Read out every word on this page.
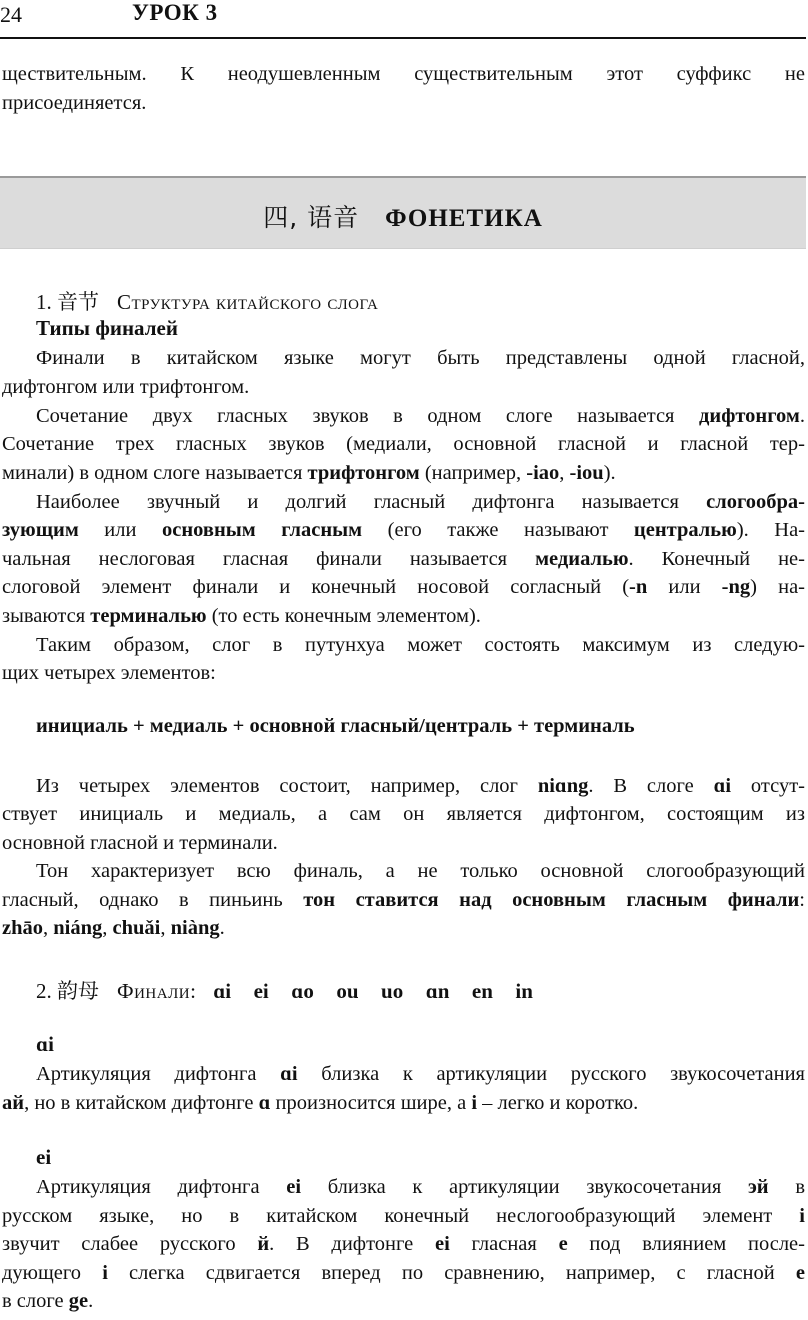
24	УРОК 3
ществительным. К неодушевленным существительным этот суффикс не
присоединяется.
四, 语音 ФОНЕТИКА
1. 音节 Структура китайского слога
Типы финалей
Финали в китайском языке могут быть представлены одной гласной,
дифтонгом или трифтонгом.
Сочетание двух гласных звуков в одном слоге называется дифтонгом.
Сочетание трех гласных звуков (медиали, основной гласной и гласной тер-
минали) в одном слоге называется трифтонгом (например, -iao, -iou).
Наиболее звучный и долгий гласный дифтонга называется слогообра-
зующим или основным гласным (его также называют централью). На-
чальная неслоговая гласная финали называется медиалью. Конечный не-
слоговой элемент финали и конечный носовой согласный (-n или -ng) на-
зываются терминалью (то есть конечным элементом).
Таким образом, слог в путунхуа может состоять максимум из следую-
щих четырех элементов:
инициаль + медиаль + основной гласный/централь + терминаль
Из четырех элементов состоит, например, слог niɑng. В слоге ɑi отсут-
ствует инициаль и медиаль, а сам он является дифтонгом, состоящим из
основной гласной и терминали.
Тон характеризует всю финаль, а не только основной слогообразующий
гласный, однако в пиньинь тон ставится над основным гласным финали:
zhāo, niáng, chuǎi, niàng.
2. 韵母 Финали: ɑi  ei  ɑo  ou  uo  ɑn  en  in
ɑi
Артикуляция дифтонга ɑi близка к артикуляции русского звукосочетания
ай, но в китайском дифтонге ɑ произносится шире, а i – легко и коротко.
ei
Артикуляция дифтонга ei близка к артикуляции звукосочетания эй в
русском языке, но в китайском конечный неслогообразующий элемент i
звучит слабее русского й. В дифтонге ei гласная e под влиянием после-
дующего i слегка сдвигается вперед по сравнению, например, с гласной e
в слоге ge.
